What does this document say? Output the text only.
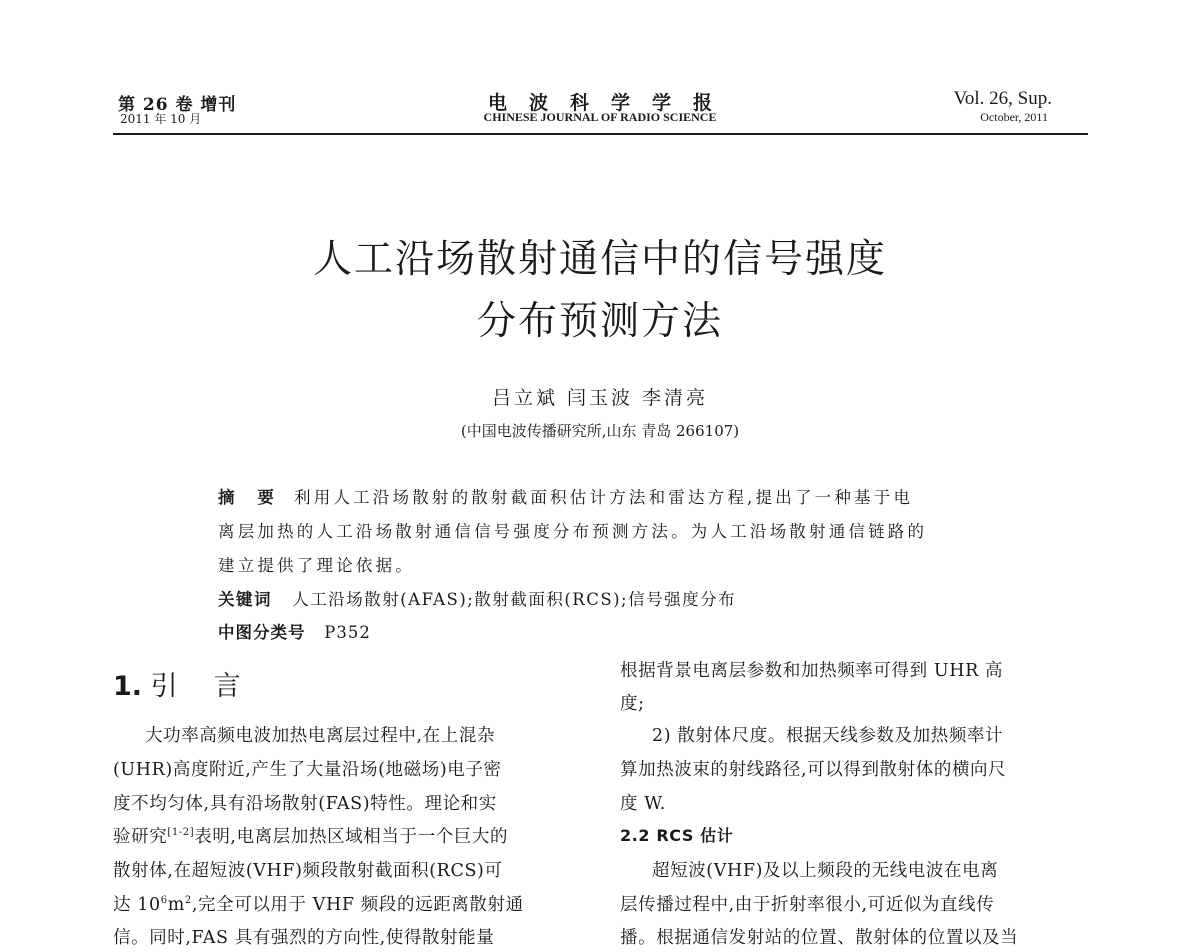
第 26 卷 增刊
2011 年 10 月
电波科学学报
CHINESE JOURNAL OF RADIO SCIENCE
Vol. 26, Sup.
October, 2011
人工沿场散射通信中的信号强度
分布预测方法
吕立斌 闫玉波 李清亮
(中国电波传播研究所,山东 青岛 266107)
摘　要 利用人工沿场散射的散射截面积估计方法和雷达方程,提出了一种基于电
离层加热的人工沿场散射通信信号强度分布预测方法。为人工沿场散射通信链路的
建立提供了理论依据。
关键词 人工沿场散射(AFAS);散射截面积(RCS);信号强度分布
中图分类号 P352
1. 引 言
大功率高频电波加热电离层过程中,在上混杂
(UHR)高度附近,产生了大量沿场(地磁场)电子密
度不均匀体,具有沿场散射(FAS)特性。理论和实
验研究[1-2]表明,电离层加热区域相当于一个巨大的
散射体,在超短波(VHF)频段散射截面积(RCS)可
达 $10^6m^2$,完全可以用于 VHF 频段的远距离散射通
信。同时,FAS 具有强烈的方向性,使得散射能量
根据背景电离层参数和加热频率可得到 UHR 高
度;
2) 散射体尺度。根据天线参数及加热频率计
算加热波束的射线路径,可以得到散射体的横向尺
度 W.
2.2 RCS 估计
超短波(VHF)及以上频段的无线电波在电离
层传播过程中,由于折射率很小,可近似为直线传
播。根据通信发射站的位置、散射体的位置以及当
